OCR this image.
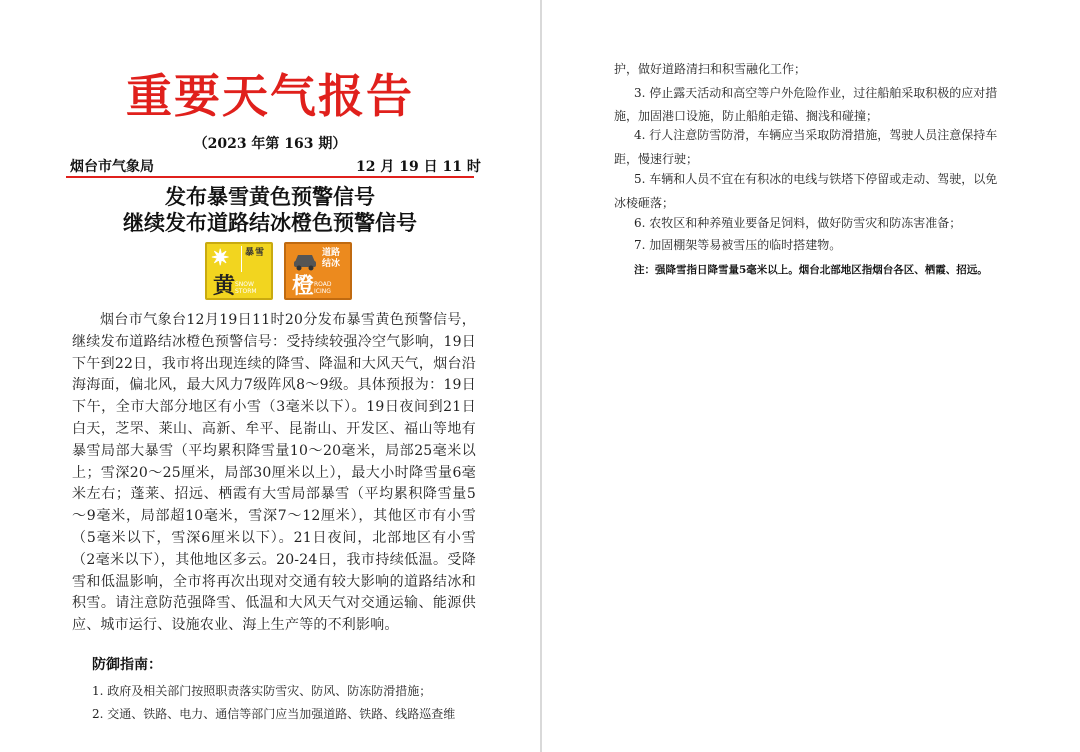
重要天气报告
（2023 年第 163 期）
烟台市气象局	12 月 19 日 11 时
发布暴雪黄色预警信号
继续发布道路结冰橙色预警信号
✷ 暴雪
黄 SNOW STORM
道路结冰
橙 ROAD ICING
烟台市气象台12月19日11时20分发布暴雪黄色预警信号，继续发布道路结冰橙色预警信号：受持续较强冷空气影响，19日下午到22日，我市将出现连续的降雪、降温和大风天气，烟台沿海海面，偏北风，最大风力7级阵风8～9级。具体预报为：19日下午，全市大部分地区有小雪（3毫米以下）。19日夜间到21日白天，芝罘、莱山、高新、牟平、昆嵛山、开发区、福山等地有暴雪局部大暴雪（平均累积降雪量10～20毫米，局部25毫米以上；雪深20～25厘米，局部30厘米以上），最大小时降雪量6毫米左右；蓬莱、招远、栖霞有大雪局部暴雪（平均累积降雪量5～9毫米，局部超10毫米，雪深7～12厘米），其他区市有小雪（5毫米以下，雪深6厘米以下）。21日夜间，北部地区有小雪（2毫米以下），其他地区多云。20-24日，我市持续低温。受降雪和低温影响，全市将再次出现对交通有较大影响的道路结冰和积雪。请注意防范强降雪、低温和大风天气对交通运输、能源供应、城市运行、设施农业、海上生产等的不利影响。
防御指南：
1. 政府及相关部门按照职责落实防雪灾、防风、防冻防滑措施；
2. 交通、铁路、电力、通信等部门应当加强道路、铁路、线路巡查维
护，做好道路清扫和积雪融化工作；
3. 停止露天活动和高空等户外危险作业，过往船舶采取积极的应对措
施，加固港口设施，防止船舶走锚、搁浅和碰撞；
4. 行人注意防雪防滑，车辆应当采取防滑措施，驾驶人员注意保持车
距，慢速行驶；
5. 车辆和人员不宜在有积冰的电线与铁塔下停留或走动、驾驶，以免
冰棱砸落；
6. 农牧区和种养殖业要备足饲料，做好防雪灾和防冻害准备；
7. 加固棚架等易被雪压的临时搭建物。
注：强降雪指日降雪量5毫米以上。烟台北部地区指烟台各区、栖霞、招远。
